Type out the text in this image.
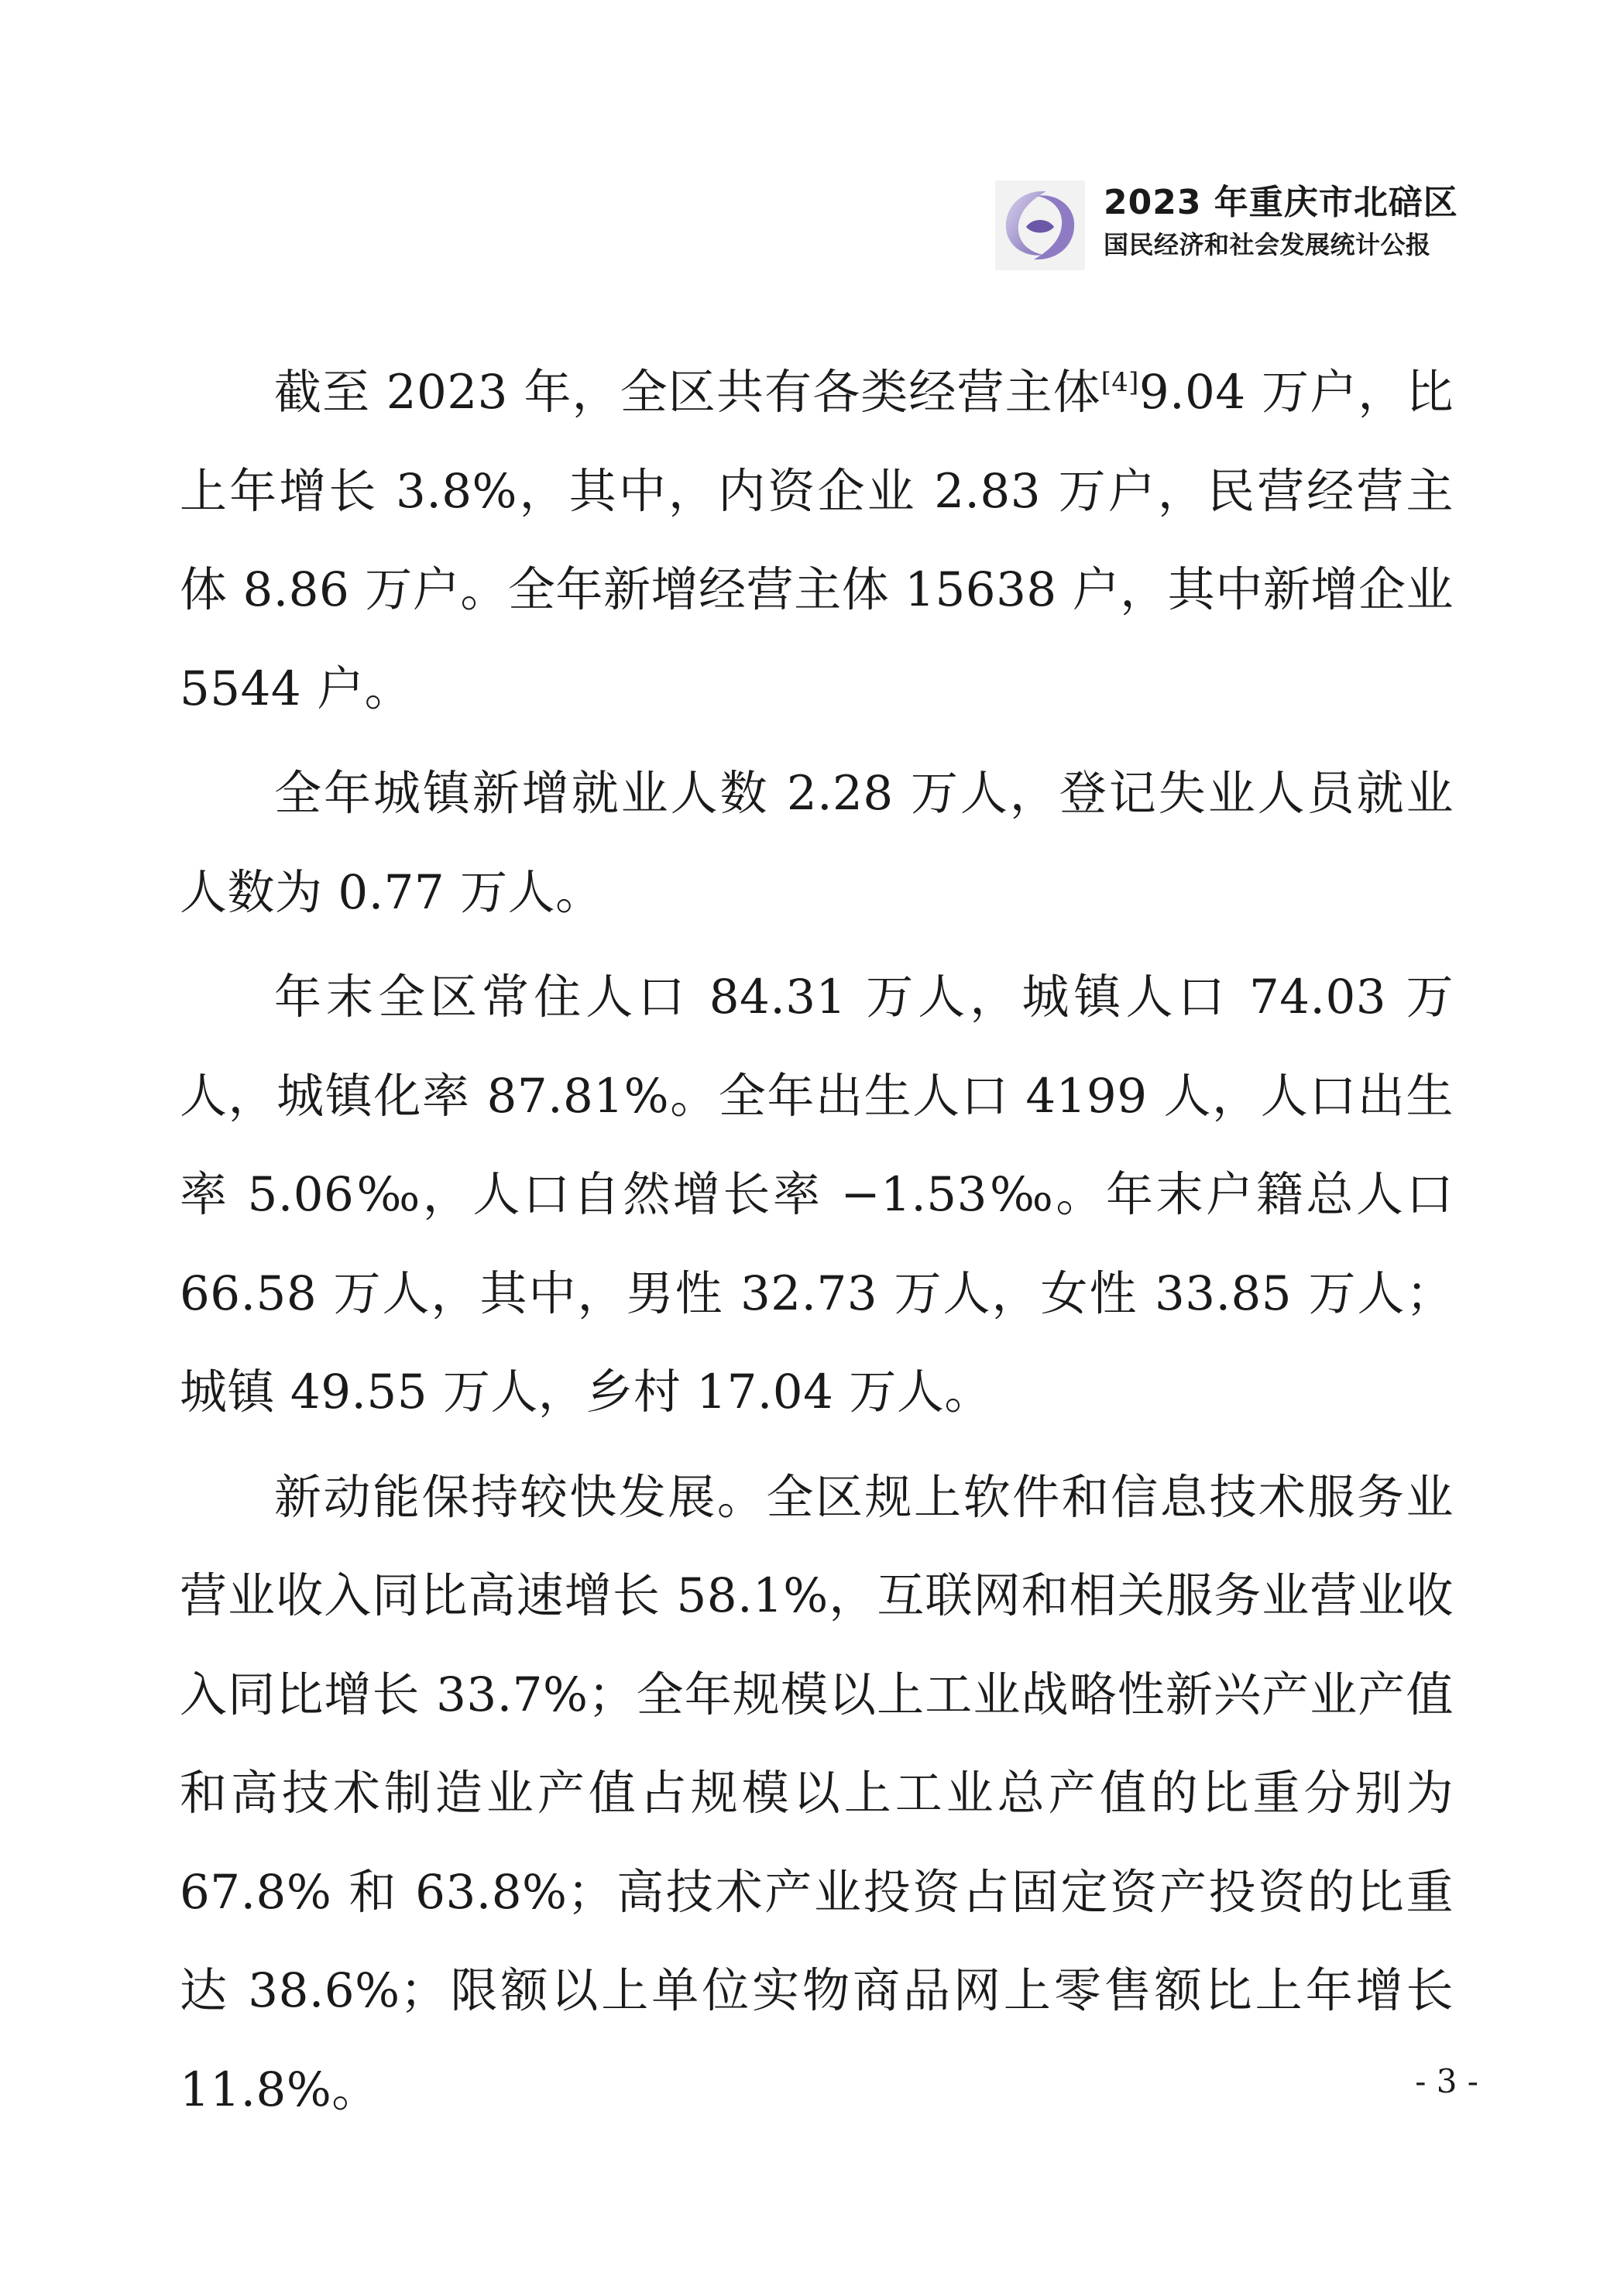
2023 年重庆市北碚区
国民经济和社会发展统计公报

截至 2023 年，全区共有各类经营主体[4]9.04 万户，比上年增长 3.8%，其中，内资企业 2.83 万户，民营经营主体 8.86 万户。全年新增经营主体 15638 户，其中新增企业 5544 户。

全年城镇新增就业人数 2.28 万人，登记失业人员就业人数为 0.77 万人。

年末全区常住人口 84.31 万人，城镇人口 74.03 万人，城镇化率 87.81%。全年出生人口 4199 人，人口出生率 5.06‰，人口自然增长率 −1.53‰。年末户籍总人口 66.58 万人，其中，男性 32.73 万人，女性 33.85 万人；城镇 49.55 万人，乡村 17.04 万人。

新动能保持较快发展。全区规上软件和信息技术服务业营业收入同比高速增长 58.1%，互联网和相关服务业营业收入同比增长 33.7%；全年规模以上工业战略性新兴产业产值和高技术制造业产值占规模以上工业总产值的比重分别为 67.8% 和 63.8%；高技术产业投资占固定资产投资的比重达 38.6%；限额以上单位实物商品网上零售额比上年增长 11.8%。	- 3 -
